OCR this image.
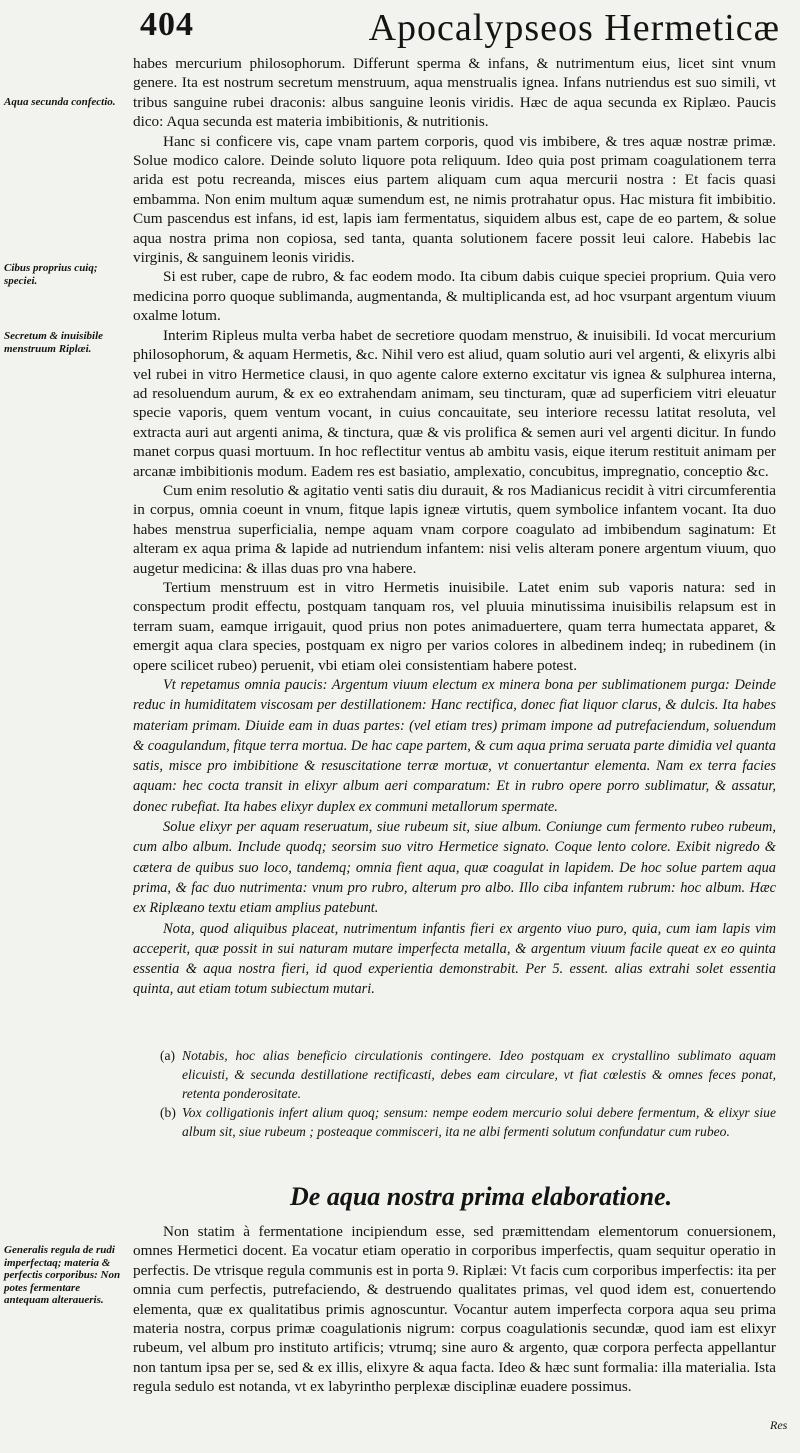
404	Apocalypseos Hermeticæ
Aqua secunda confectio.
Cibus proprius cuiq; speciei.
Secretum & inuisibile menstruum Riplæi.
Generalis regula de rudi imperfectaq; materia & perfectis corporibus: Non potes fermentare antequam alteraueris.

habes mercurium philosophorum. Differunt sperma & infans, & nutrimentum eius, licet sint vnum genere. Ita est nostrum secretum menstruum, aqua menstrualis ignea. Infans nutriendus est suo simili, vt tribus sanguine rubei draconis: albus sanguine leonis viridis. Hæc de aqua secunda ex Riplæo. Paucis dico: Aqua secunda est materia imbibitionis, & nutritionis.

Hanc si conficere vis, cape vnam partem corporis, quod vis imbibere, & tres aquæ nostræ primæ. Solue modico calore. Deinde soluto liquore pota reliquum. Ideo quia post primam coagulationem terra arida est potu recreanda, misces eius partem aliquam cum aqua mercurii nostra : Et facis quasi embamma. Non enim multum aquæ sumendum est, ne nimis protrahatur opus. Hac mistura fit imbibitio. Cum pascendus est infans, id est, lapis iam fermentatus, siquidem albus est, cape de eo partem, & solue aqua nostra prima non copiosa, sed tanta, quanta solutionem facere possit leui calore. Habebis lac virginis, & sanguinem leonis viridis.

Si est ruber, cape de rubro, & fac eodem modo. Ita cibum dabis cuique speciei proprium. Quia vero medicina porro quoque sublimanda, augmentanda, & multiplicanda est, ad hoc vsurpant argentum viuum oxalme lotum.

Interim Ripleus multa verba habet de secretiore quodam menstruo, & inuisibili. Id vocat mercurium philosophorum, & aquam Hermetis, &c. Nihil vero est aliud, quam solutio auri vel argenti, & elixyris albi vel rubei in vitro Hermetice clausi, in quo agente calore externo excitatur vis ignea & sulphurea interna, ad resoluendum aurum, & ex eo extrahendam animam, seu tincturam, quæ ad superficiem vitri eleuatur specie vaporis, quem ventum vocant, in cuius concauitate, seu interiore recessu latitat resoluta, vel extracta auri aut argenti anima, & tinctura, quæ & vis prolifica & semen auri vel argenti dicitur. In fundo manet corpus quasi mortuum. In hoc reflectitur ventus ab ambitu vasis, eique iterum restituit animam per arcanæ imbibitionis modum. Eadem res est basiatio, amplexatio, concubitus, impregnatio, conceptio &c.

Cum enim resolutio & agitatio venti satis diu durauit, & ros Madianicus recidit à vitri circumferentia in corpus, omnia coeunt in vnum, fitque lapis igneæ virtutis, quem symbolice infantem vocant. Ita duo habes menstrua superficialia, nempe aquam vnam corpore coagulato ad imbibendum saginatum: Et alteram ex aqua prima & lapide ad nutriendum infantem: nisi velis alteram ponere argentum viuum, quo augetur medicina: & illas duas pro vna habere.

Tertium menstruum est in vitro Hermetis inuisibile. Latet enim sub vaporis natura: sed in conspectum prodit effectu, postquam tanquam ros, vel pluuia minutissima inuisibilis relapsum est in terram suam, eamque irrigauit, quod prius non potes animaduertere, quam terra humectata apparet, & emergit aqua clara species, postquam ex nigro per varios colores in albedinem indeq; in rubedinem (in opere scilicet rubeo) peruenit, vbi etiam olei consistentiam habere potest.

Vt repetamus omnia paucis: Argentum viuum electum ex minera bona per sublimationem purga: Deinde reduc in humiditatem viscosam per destillationem: Hanc rectifica, donec fiat liquor clarus, & dulcis. Ita habes materiam primam. Diuide eam in duas partes: (vel etiam tres) primam impone ad putrefaciendum, soluendum & coagulandum, fitque terra mortua. De hac cape partem, & cum aqua prima seruata parte dimidia vel quanta satis, misce pro imbibitione & resuscitatione terræ mortuæ, vt conuertantur elementa. Nam ex terra facies aquam: hec cocta transit in elixyr album aeri comparatum: Et in rubro opere porro sublimatur, & assatur, donec rubefiat. Ita habes elixyr duplex ex communi metallorum spermate.

Solue elixyr per aquam reseruatum, siue rubeum sit, siue album. Coniunge cum fermento rubeo rubeum, cum albo album. Include quodq; seorsim suo vitro Hermetice signato. Coque lento colore. Exibit nigredo & cætera de quibus suo loco, tandemq; omnia fient aqua, quæ coagulat in lapidem. De hoc solue partem aqua prima, & fac duo nutrimenta: vnum pro rubro, alterum pro albo. Illo ciba infantem rubrum: hoc album. Hæc ex Riplæano textu etiam amplius patebunt.

Nota, quod aliquibus placeat, nutrimentum infantis fieri ex argento viuo puro, quia, cum iam lapis vim acceperit, quæ possit in sui naturam mutare imperfecta metalla, & argentum viuum facile queat ex eo quinta essentia & aqua nostra fieri, id quod experientia demonstrabit. Per 5. essent. alias extrahi solet essentia quinta, aut etiam totum subiectum mutari.

(a) Notabis, hoc alias beneficio circulationis contingere. Ideo postquam ex crystallino sublimato aquam elicuisti, & secunda destillatione rectificasti, debes eam circulare, vt fiat cœlestis & omnes feces ponat, retenta ponderositate.
(b) Vox colligationis infert alium quoq; sensum: nempe eodem mercurio solui debere fermentum, & elixyr siue album sit, siue rubeum ; posteaque commisceri, ita ne albi fermenti solutum confundatur cum rubeo.
De aqua nostra prima elaboratione.

Non statim à fermentatione incipiendum esse, sed præmittendam elementorum conuersionem, omnes Hermetici docent. Ea vocatur etiam operatio in corporibus imperfectis, quam sequitur operatio in perfectis. De vtrisque regula communis est in porta 9. Riplæi: Vt facis cum corporibus imperfectis: ita per omnia cum perfectis, putrefaciendo, & destruendo qualitates primas, vel quod idem est, conuertendo elementa, quæ ex qualitatibus primis agnoscuntur. Vocantur autem imperfecta corpora aqua seu prima materia nostra, corpus primæ coagulationis nigrum: corpus coagulationis secundæ, quod iam est elixyr rubeum, vel album pro instituto artificis; vtrumq; sine auro & argento, quæ corpora perfecta appellantur non tantum ipsa per se, sed & ex illis, elixyre & aqua facta. Ideo & hæc sunt formalia: illa materialia. Ista regula sedulo est notanda, vt ex labyrintho perplexæ disciplinæ euadere possimus.

Res
